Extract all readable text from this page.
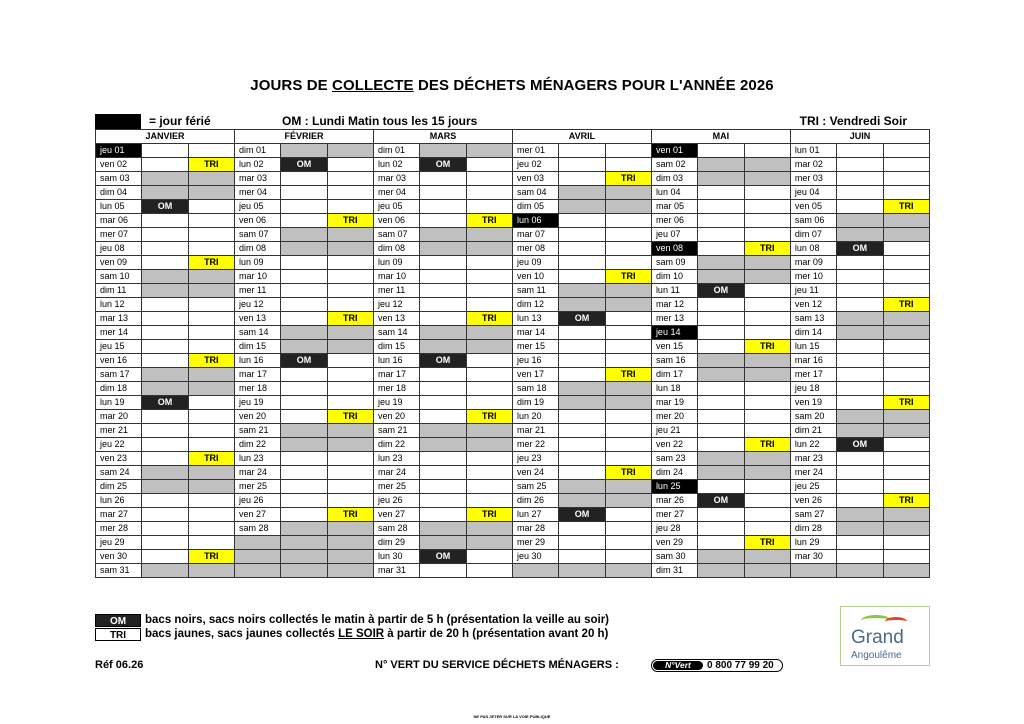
JOURS DE COLLECTE DES DÉCHETS MÉNAGERS POUR L'ANNÉE 2026
= jour férié	OM : Lundi Matin tous les 15 jours	TRI : Vendredi Soir
JANVIER			FÉVRIER			MARS			AVRIL			MAI			JUIN		
jeu 01			dim 01			dim 01			mer 01			ven 01			lun 01		
ven 02		TRI	lun 02	OM		lun 02	OM		jeu 02			sam 02			mar 02		
sam 03			mar 03			mar 03			ven 03		TRI	dim 03			mer 03		
dim 04			mer 04			mer 04			sam 04			lun 04			jeu 04		
lun 05	OM		jeu 05			jeu 05			dim 05			mar 05			ven 05		TRI
mar 06			ven 06		TRI	ven 06		TRI	lun 06			mer 06			sam 06		
mer 07			sam 07			sam 07			mar 07			jeu 07			dim 07		
jeu 08			dim 08			dim 08			mer 08			ven 08		TRI	lun 08	OM	
ven 09		TRI	lun 09			lun 09			jeu 09			sam 09			mar 09		
sam 10			mar 10			mar 10			ven 10		TRI	dim 10			mer 10		
dim 11			mer 11			mer 11			sam 11			lun 11	OM		jeu 11		
lun 12			jeu 12			jeu 12			dim 12			mar 12			ven 12		TRI
mar 13			ven 13		TRI	ven 13		TRI	lun 13	OM		mer 13			sam 13		
mer 14			sam 14			sam 14			mar 14			jeu 14			dim 14		
jeu 15			dim 15			dim 15			mer 15			ven 15		TRI	lun 15		
ven 16		TRI	lun 16	OM		lun 16	OM		jeu 16			sam 16			mar 16		
sam 17			mar 17			mar 17			ven 17		TRI	dim 17			mer 17		
dim 18			mer 18			mer 18			sam 18			lun 18			jeu 18		
lun 19	OM		jeu 19			jeu 19			dim 19			mar 19			ven 19		TRI
mar 20			ven 20		TRI	ven 20		TRI	lun 20			mer 20			sam 20		
mer 21			sam 21			sam 21			mar 21			jeu 21			dim 21		
jeu 22			dim 22			dim 22			mer 22			ven 22		TRI	lun 22	OM	
ven 23		TRI	lun 23			lun 23			jeu 23			sam 23			mar 23		
sam 24			mar 24			mar 24			ven 24		TRI	dim 24			mer 24		
dim 25			mer 25			mer 25			sam 25			lun 25			jeu 25		
lun 26			jeu 26			jeu 26			dim 26			mar 26	OM		ven 26		TRI
mar 27			ven 27		TRI	ven 27		TRI	lun 27	OM		mer 27			sam 27		
mer 28			sam 28			sam 28			mar 28			jeu 28			dim 28		
jeu 29						dim 29			mer 29			ven 29		TRI	lun 29		
ven 30		TRI				lun 30	OM		jeu 30			sam 30			mar 30		
sam 31						mar 31						dim 31					
OM	bacs noirs, sacs noirs collectés le matin à partir de 5 h (présentation la veille au soir)
TRI	bacs jaunes, sacs jaunes collectés LE SOIR à partir de 20 h (présentation avant 20 h)
Réf 06.26	N° VERT DU SERVICE DÉCHETS MÉNAGERS :	N°Vert	0 800 77 99 20
Grand
Angoulême
NE PAS JETER SUR LA VOIE PUBLIQUE
